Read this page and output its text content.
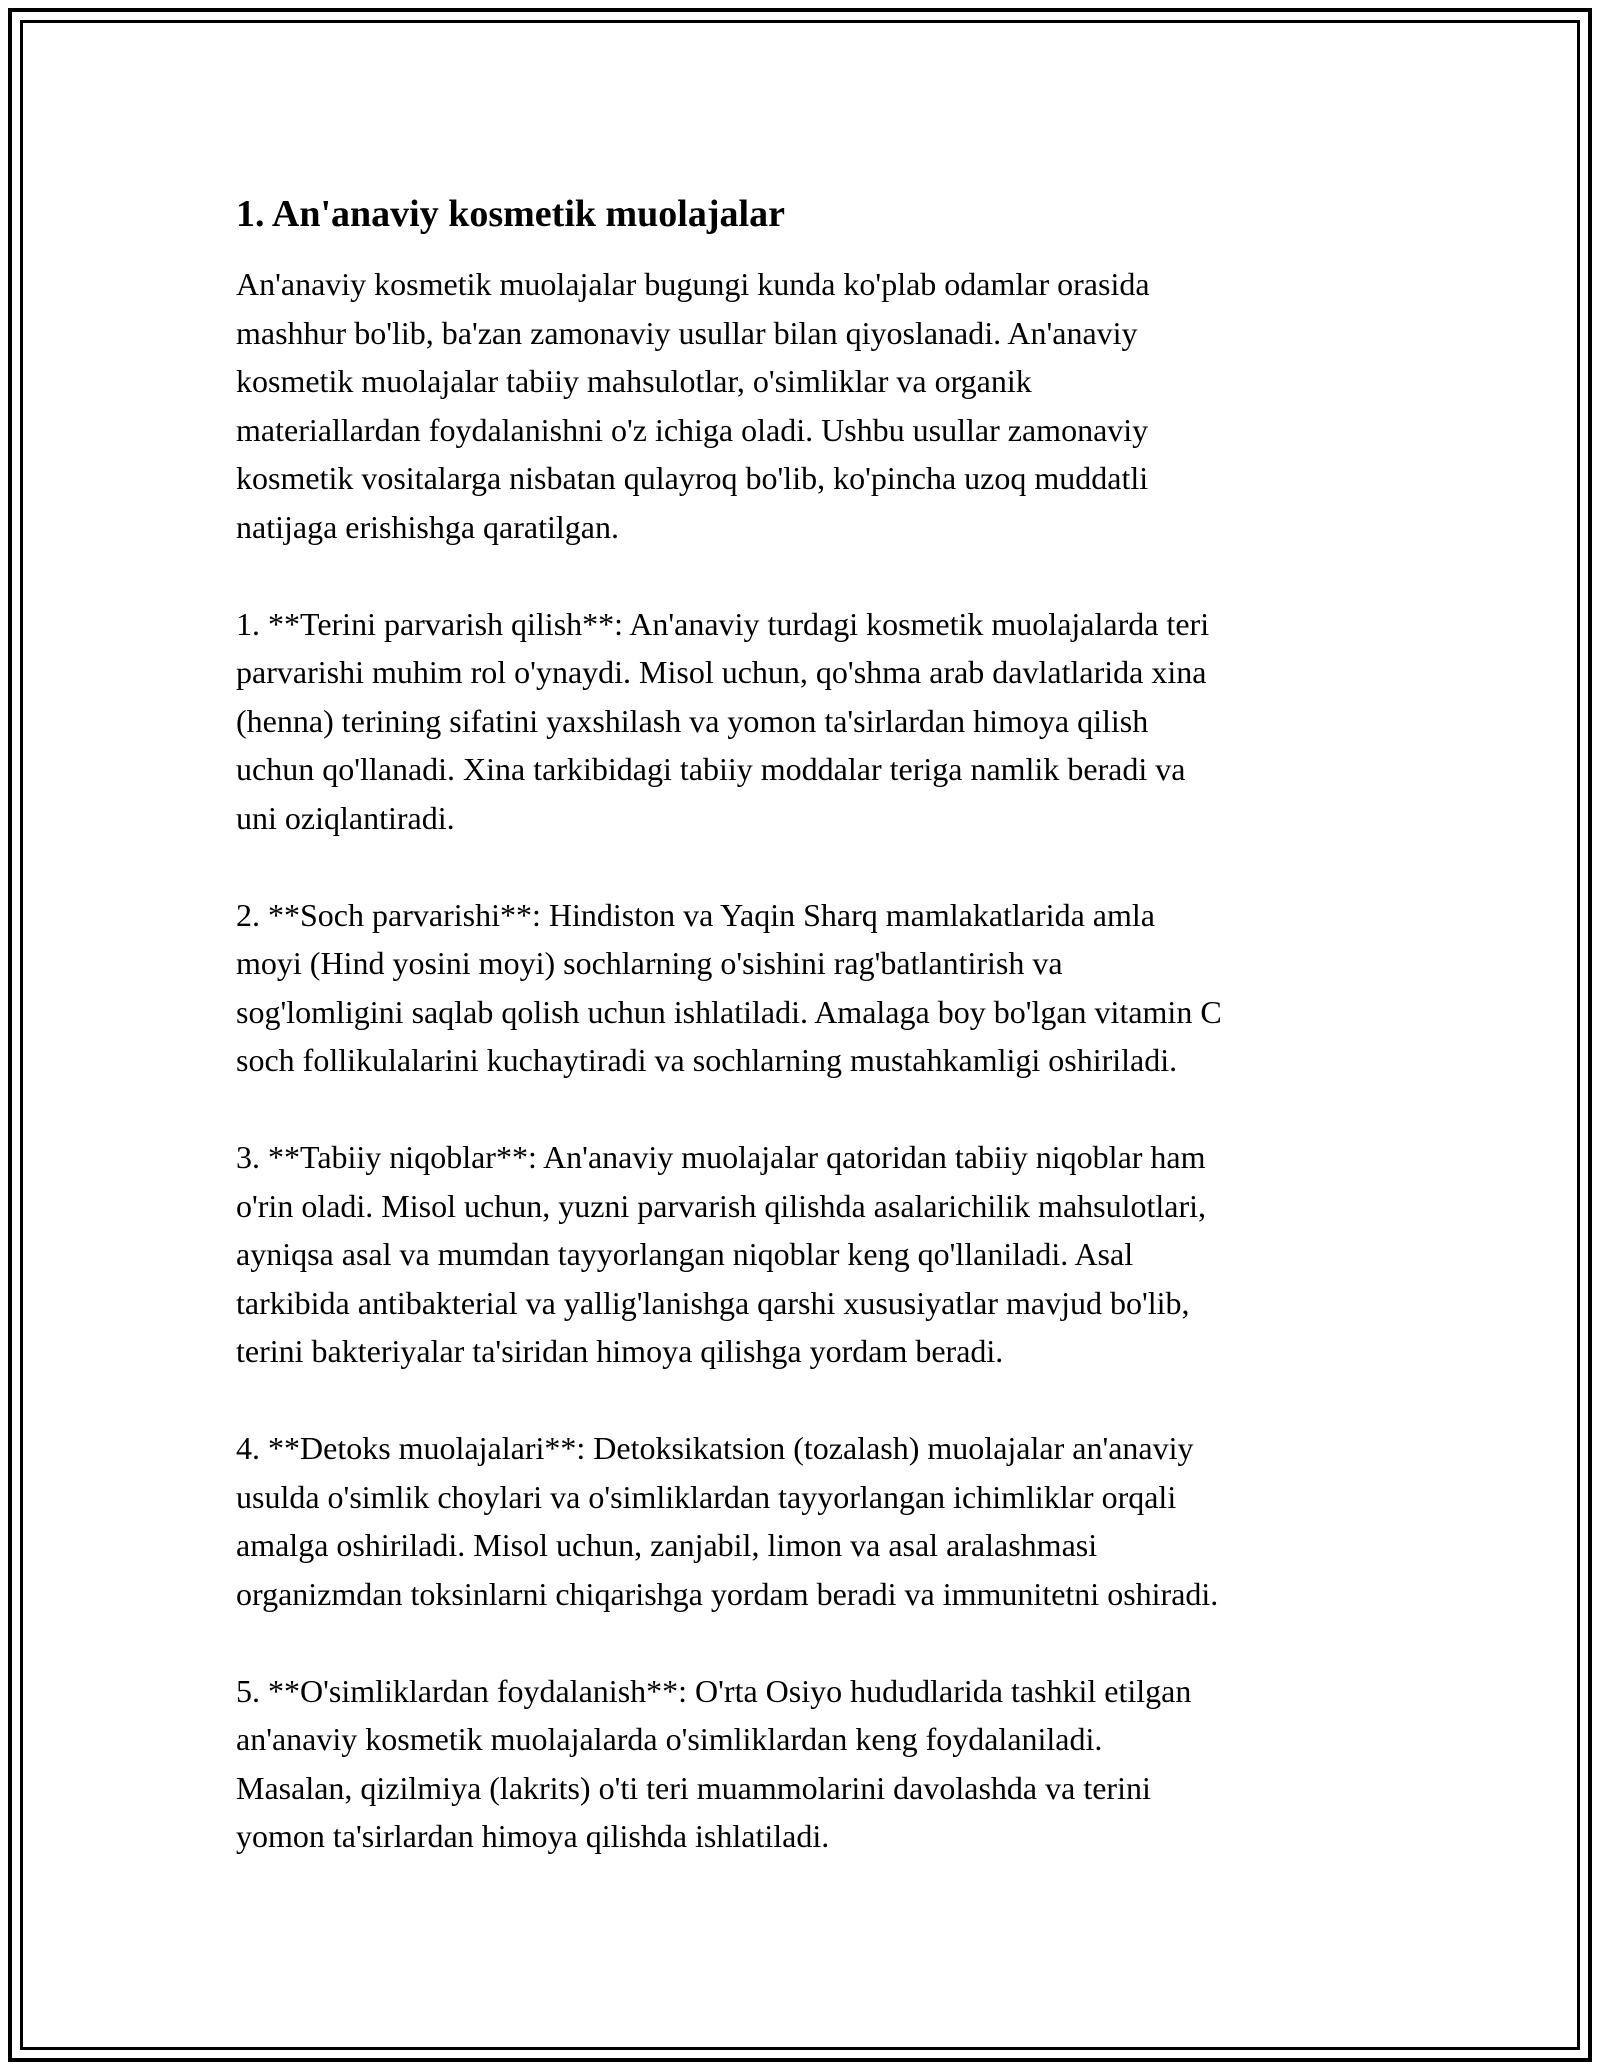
1. An'anaviy kosmetik muolajalar

An'anaviy kosmetik muolajalar bugungi kunda ko'plab odamlar orasida
mashhur bo'lib, ba'zan zamonaviy usullar bilan qiyoslanadi. An'anaviy
kosmetik muolajalar tabiiy mahsulotlar, o'simliklar va organik
materiallardan foydalanishni o'z ichiga oladi. Ushbu usullar zamonaviy
kosmetik vositalarga nisbatan qulayroq bo'lib, ko'pincha uzoq muddatli
natijaga erishishga qaratilgan.

1. **Terini parvarish qilish**: An'anaviy turdagi kosmetik muolajalarda teri
parvarishi muhim rol o'ynaydi. Misol uchun, qo'shma arab davlatlarida xina
(henna) terining sifatini yaxshilash va yomon ta'sirlardan himoya qilish
uchun qo'llanadi. Xina tarkibidagi tabiiy moddalar teriga namlik beradi va
uni oziqlantiradi.

2. **Soch parvarishi**: Hindiston va Yaqin Sharq mamlakatlarida amla
moyi (Hind yosini moyi) sochlarning o'sishini rag'batlantirish va
sog'lomligini saqlab qolish uchun ishlatiladi. Amalaga boy bo'lgan vitamin C
soch follikulalarini kuchaytiradi va sochlarning mustahkamligi oshiriladi.

3. **Tabiiy niqoblar**: An'anaviy muolajalar qatoridan tabiiy niqoblar ham
o'rin oladi. Misol uchun, yuzni parvarish qilishda asalarichilik mahsulotlari,
ayniqsa asal va mumdan tayyorlangan niqoblar keng qo'llaniladi. Asal
tarkibida antibakterial va yallig'lanishga qarshi xususiyatlar mavjud bo'lib,
terini bakteriyalar ta'siridan himoya qilishga yordam beradi.

4. **Detoks muolajalari**: Detoksikatsion (tozalash) muolajalar an'anaviy
usulda o'simlik choylari va o'simliklardan tayyorlangan ichimliklar orqali
amalga oshiriladi. Misol uchun, zanjabil, limon va asal aralashmasi
organizmdan toksinlarni chiqarishga yordam beradi va immunitetni oshiradi.

5. **O'simliklardan foydalanish**: O'rta Osiyo hududlarida tashkil etilgan
an'anaviy kosmetik muolajalarda o'simliklardan keng foydalaniladi.
Masalan, qizilmiya (lakrits) o'ti teri muammolarini davolashda va terini
yomon ta'sirlardan himoya qilishda ishlatiladi.
